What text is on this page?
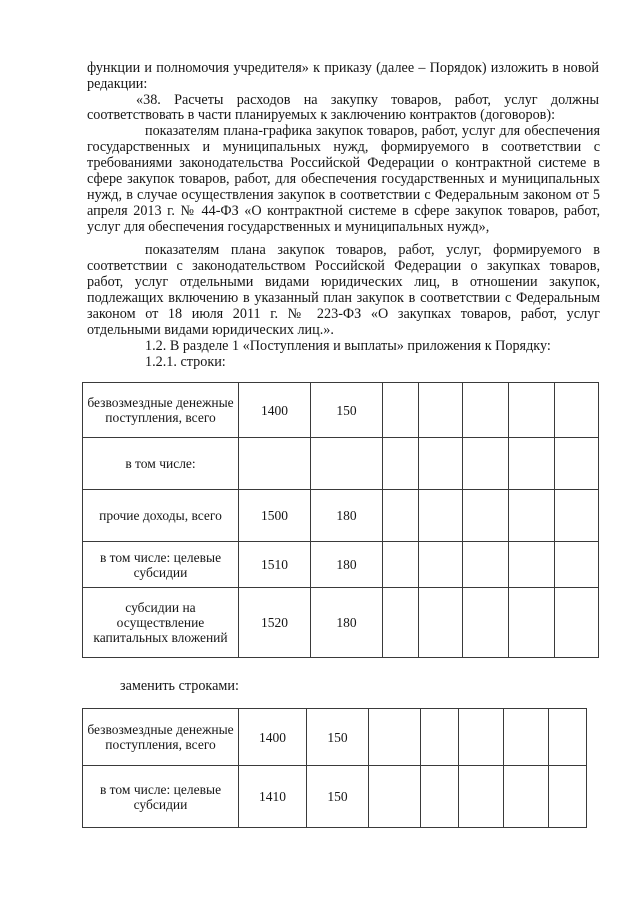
функции и полномочия учредителя» к приказу (далее – Порядок) изложить в новой
редакции:
«38. Расчеты расходов на закупку товаров, работ, услуг должны
соответствовать в части планируемых к заключению контрактов (договоров):
показателям плана-графика закупок товаров, работ, услуг для обеспечения
государственных и муниципальных нужд, формируемого в соответствии с
требованиями законодательства Российской Федерации о контрактной системе в
сфере закупок товаров, работ, для обеспечения государственных и муниципальных
нужд, в случае осуществления закупок в соответствии с Федеральным законом от 5
апреля 2013 г. № 44-ФЗ «О контрактной системе в сфере закупок товаров, работ,
услуг для обеспечения государственных и муниципальных нужд»,
показателям плана закупок товаров, работ, услуг, формируемого в
соответствии с законодательством Российской Федерации о закупках товаров,
работ, услуг отдельными видами юридических лиц, в отношении закупок,
подлежащих включению в указанный план закупок в соответствии с Федеральным
законом от 18 июля 2011 г. № 223-ФЗ «О закупках товаров, работ, услуг
отдельными видами юридических лиц.».
1.2. В разделе 1 «Поступления и выплаты» приложения к Порядку:
1.2.1. строки:
безвозмездные денежные поступления, всего	1400	150					
в том числе:							
прочие доходы, всего	1500	180					
в том числе: целевые субсидии	1510	180					
субсидии на осуществление капитальных вложений	1520	180					
заменить строками:
безвозмездные денежные поступления, всего	1400	150					
в том числе: целевые субсидии	1410	150					
